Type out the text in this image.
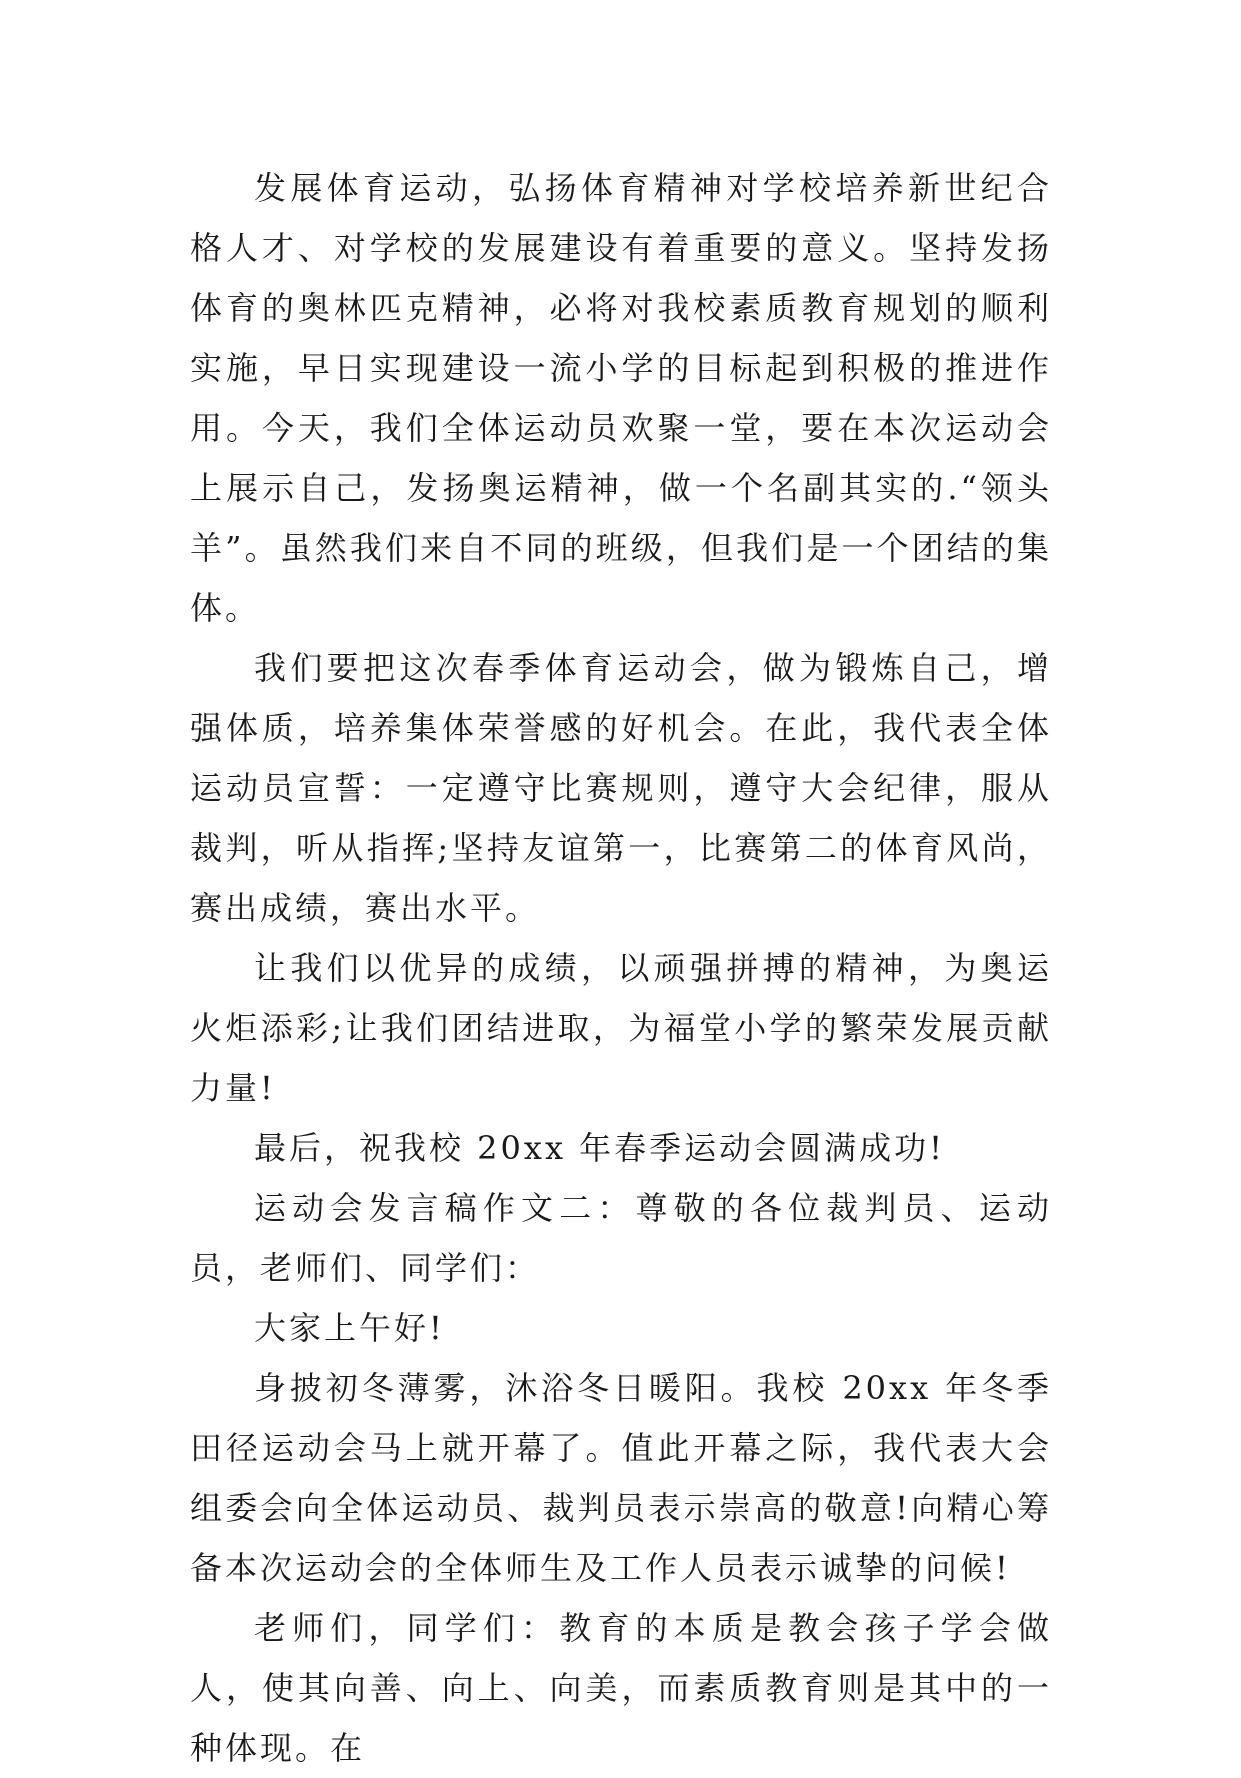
发展体育运动，弘扬体育精神对学校培养新世纪合格人才、对学校的发展建设有着重要的意义。坚持发扬体育的奥林匹克精神，必将对我校素质教育规划的顺利实施，早日实现建设一流小学的目标起到积极的推进作用。今天，我们全体运动员欢聚一堂，要在本次运动会上展示自己，发扬奥运精神，做一个名副其实的.“领头羊”。虽然我们来自不同的班级，但我们是一个团结的集体。

我们要把这次春季体育运动会，做为锻炼自己，增强体质，培养集体荣誉感的好机会。在此，我代表全体运动员宣誓：一定遵守比赛规则，遵守大会纪律，服从裁判，听从指挥;坚持友谊第一，比赛第二的体育风尚，赛出成绩，赛出水平。

让我们以优异的成绩，以顽强拼搏的精神，为奥运火炬添彩;让我们团结进取，为福堂小学的繁荣发展贡献力量!

最后，祝我校 20xx 年春季运动会圆满成功!

运动会发言稿作文二：尊敬的各位裁判员、运动员，老师们、同学们：

大家上午好!

身披初冬薄雾，沐浴冬日暖阳。我校 20xx 年冬季田径运动会马上就开幕了。值此开幕之际，我代表大会组委会向全体运动员、裁判员表示崇高的敬意!向精心筹备本次运动会的全体师生及工作人员表示诚挚的问候!

老师们，同学们：教育的本质是教会孩子学会做人，使其向善、向上、向美，而素质教育则是其中的一种体现。在
